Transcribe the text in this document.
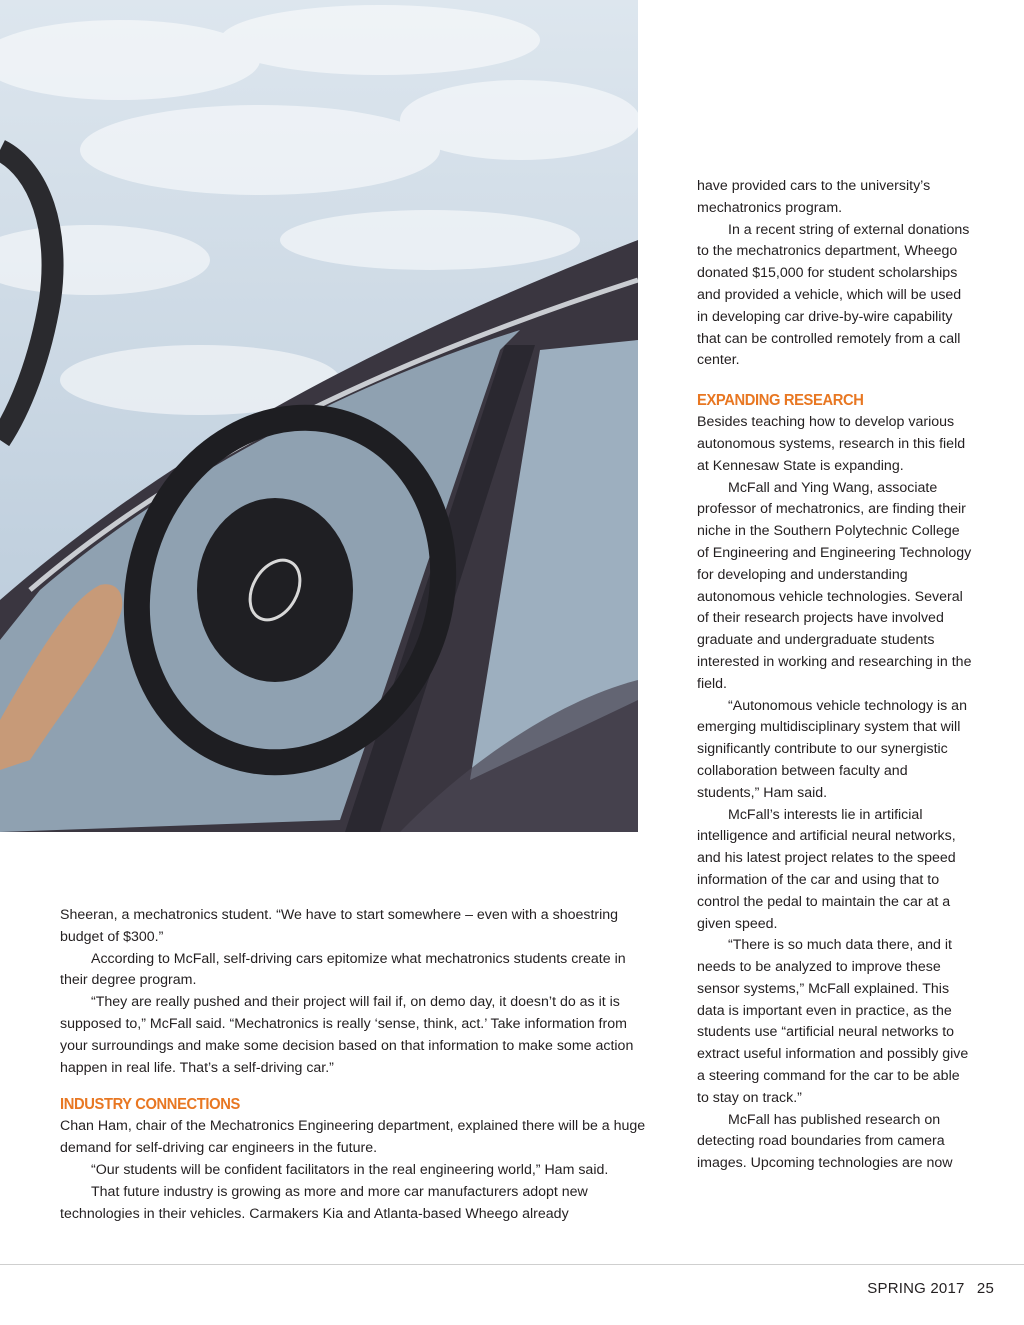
Sheeran, a mechatronics student. “We have to start somewhere – even with a shoestring budget of $300.”

According to McFall, self-driving cars epitomize what mechatronics students create in their degree program.

“They are really pushed and their project will fail if, on demo day, it doesn’t do as it is supposed to,” McFall said. “Mechatronics is really ‘sense, think, act.’ Take information from your surroundings and make some decision based on that information to make some action happen in real life. That’s a self-driving car.”

INDUSTRY CONNECTIONS

Chan Ham, chair of the Mechatronics Engineering department, explained there will be a huge demand for self-driving car engineers in the future.

“Our students will be confident facilitators in the real engineering world,” Ham said.

That future industry is growing as more and more car manufacturers adopt new technologies in their vehicles. Carmakers Kia and Atlanta-based Wheego already

have provided cars to the university’s mechatronics program.

In a recent string of external donations to the mechatronics department, Wheego donated $15,000 for student scholarships and provided a vehicle, which will be used in developing car drive-by-wire capability that can be controlled remotely from a call center.

EXPANDING RESEARCH

Besides teaching how to develop various autonomous systems, research in this field at Kennesaw State is expanding.

McFall and Ying Wang, associate professor of mechatronics, are finding their niche in the Southern Polytechnic College of Engineering and Engineering Technology for developing and understanding autonomous vehicle technologies. Several of their research projects have involved graduate and undergraduate students interested in working and researching in the field.

“Autonomous vehicle technology is an emerging multidisciplinary system that will significantly contribute to our synergistic collaboration between faculty and students,” Ham said.

McFall’s interests lie in artificial intelligence and artificial neural networks, and his latest project relates to the speed information of the car and using that to control the pedal to maintain the car at a given speed.

“There is so much data there, and it needs to be analyzed to improve these sensor systems,” McFall explained. This data is important even in practice, as the students use “artificial neural networks to extract useful information and possibly give a steering command for the car to be able to stay on track.”

McFall has published research on detecting road boundaries from camera images. Upcoming technologies are now

SPRING 2017 25
